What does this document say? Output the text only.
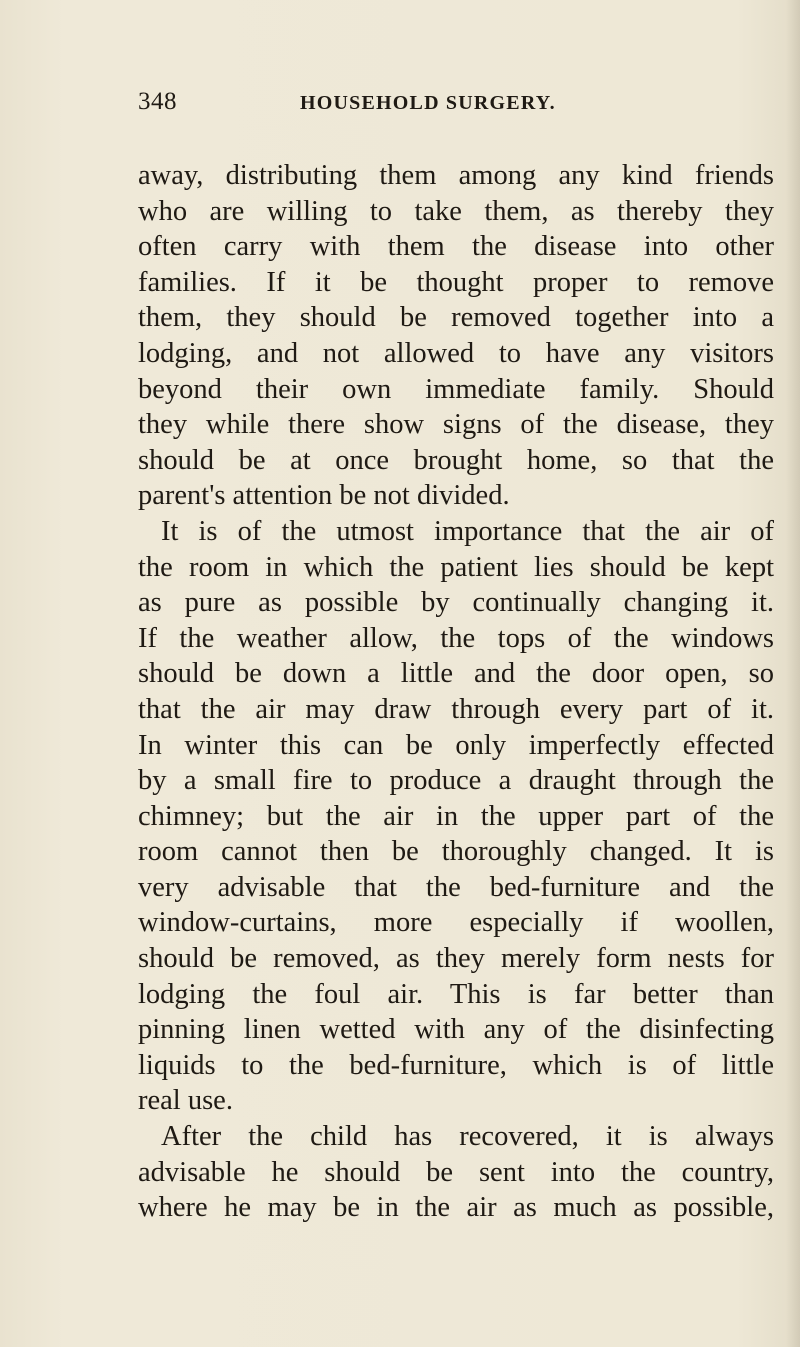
348	HOUSEHOLD SURGERY.
away, distributing them among any kind friends
who are willing to take them, as thereby they
often carry with them the disease into other
families. If it be thought proper to remove
them, they should be removed together into a
lodging, and not allowed to have any visitors
beyond their own immediate family. Should
they while there show signs of the disease, they
should be at once brought home, so that the
parent's attention be not divided.
It is of the utmost importance that the air of
the room in which the patient lies should be kept
as pure as possible by continually changing it.
If the weather allow, the tops of the windows
should be down a little and the door open, so
that the air may draw through every part of it.
In winter this can be only imperfectly effected
by a small fire to produce a draught through the
chimney; but the air in the upper part of the
room cannot then be thoroughly changed. It is
very advisable that the bed-furniture and the
window-curtains, more especially if woollen,
should be removed, as they merely form nests for
lodging the foul air. This is far better than
pinning linen wetted with any of the disinfecting
liquids to the bed-furniture, which is of little
real use.
After the child has recovered, it is always
advisable he should be sent into the country,
where he may be in the air as much as possible,
